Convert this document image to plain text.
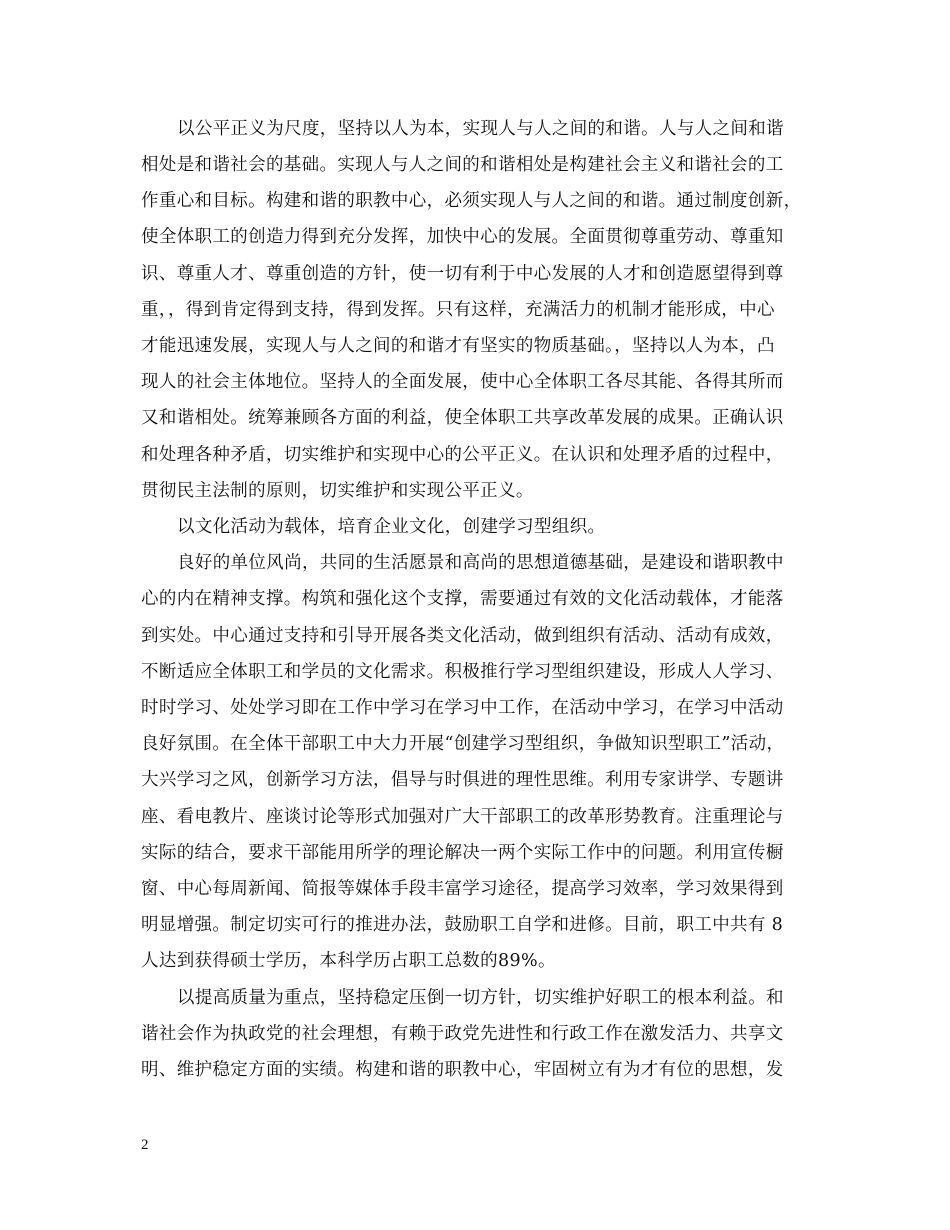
以公平正义为尺度，坚持以人为本，实现人与人之间的和谐。人与人之间和谐
相处是和谐社会的基础。实现人与人之间的和谐相处是构建社会主义和谐社会的工
作重心和目标。构建和谐的职教中心，必须实现人与人之间的和谐。通过制度创新，
使全体职工的创造力得到充分发挥，加快中心的发展。全面贯彻尊重劳动、尊重知
识、尊重人才、尊重创造的方针，使一切有利于中心发展的人才和创造愿望得到尊
重，，得到肯定得到支持，得到发挥。只有这样，充满活力的机制才能形成，中心
才能迅速发展，实现人与人之间的和谐才有坚实的物质基础。，坚持以人为本，凸
现人的社会主体地位。坚持人的全面发展，使中心全体职工各尽其能、各得其所而
又和谐相处。统筹兼顾各方面的利益，使全体职工共享改革发展的成果。正确认识
和处理各种矛盾，切实维护和实现中心的公平正义。在认识和处理矛盾的过程中，
贯彻民主法制的原则，切实维护和实现公平正义。
以文化活动为载体，培育企业文化，创建学习型组织。
良好的单位风尚，共同的生活愿景和高尚的思想道德基础，是建设和谐职教中
心的内在精神支撑。构筑和强化这个支撑，需要通过有效的文化活动载体，才能落
到实处。中心通过支持和引导开展各类文化活动，做到组织有活动、活动有成效，
不断适应全体职工和学员的文化需求。积极推行学习型组织建设，形成人人学习、
时时学习、处处学习即在工作中学习在学习中工作，在活动中学习，在学习中活动
良好氛围。在全体干部职工中大力开展“创建学习型组织，争做知识型职工”活动，
大兴学习之风，创新学习方法，倡导与时俱进的理性思维。利用专家讲学、专题讲
座、看电教片、座谈讨论等形式加强对广大干部职工的改革形势教育。注重理论与
实际的结合，要求干部能用所学的理论解决一两个实际工作中的问题。利用宣传橱
窗、中心每周新闻、简报等媒体手段丰富学习途径，提高学习效率，学习效果得到
明显增强。制定切实可行的推进办法，鼓励职工自学和进修。目前，职工中共有 8
人达到获得硕士学历，本科学历占职工总数的89%。
以提高质量为重点，坚持稳定压倒一切方针，切实维护好职工的根本利益。和
谐社会作为执政党的社会理想，有赖于政党先进性和行政工作在激发活力、共享文
明、维护稳定方面的实绩。构建和谐的职教中心，牢固树立有为才有位的思想，发
2
